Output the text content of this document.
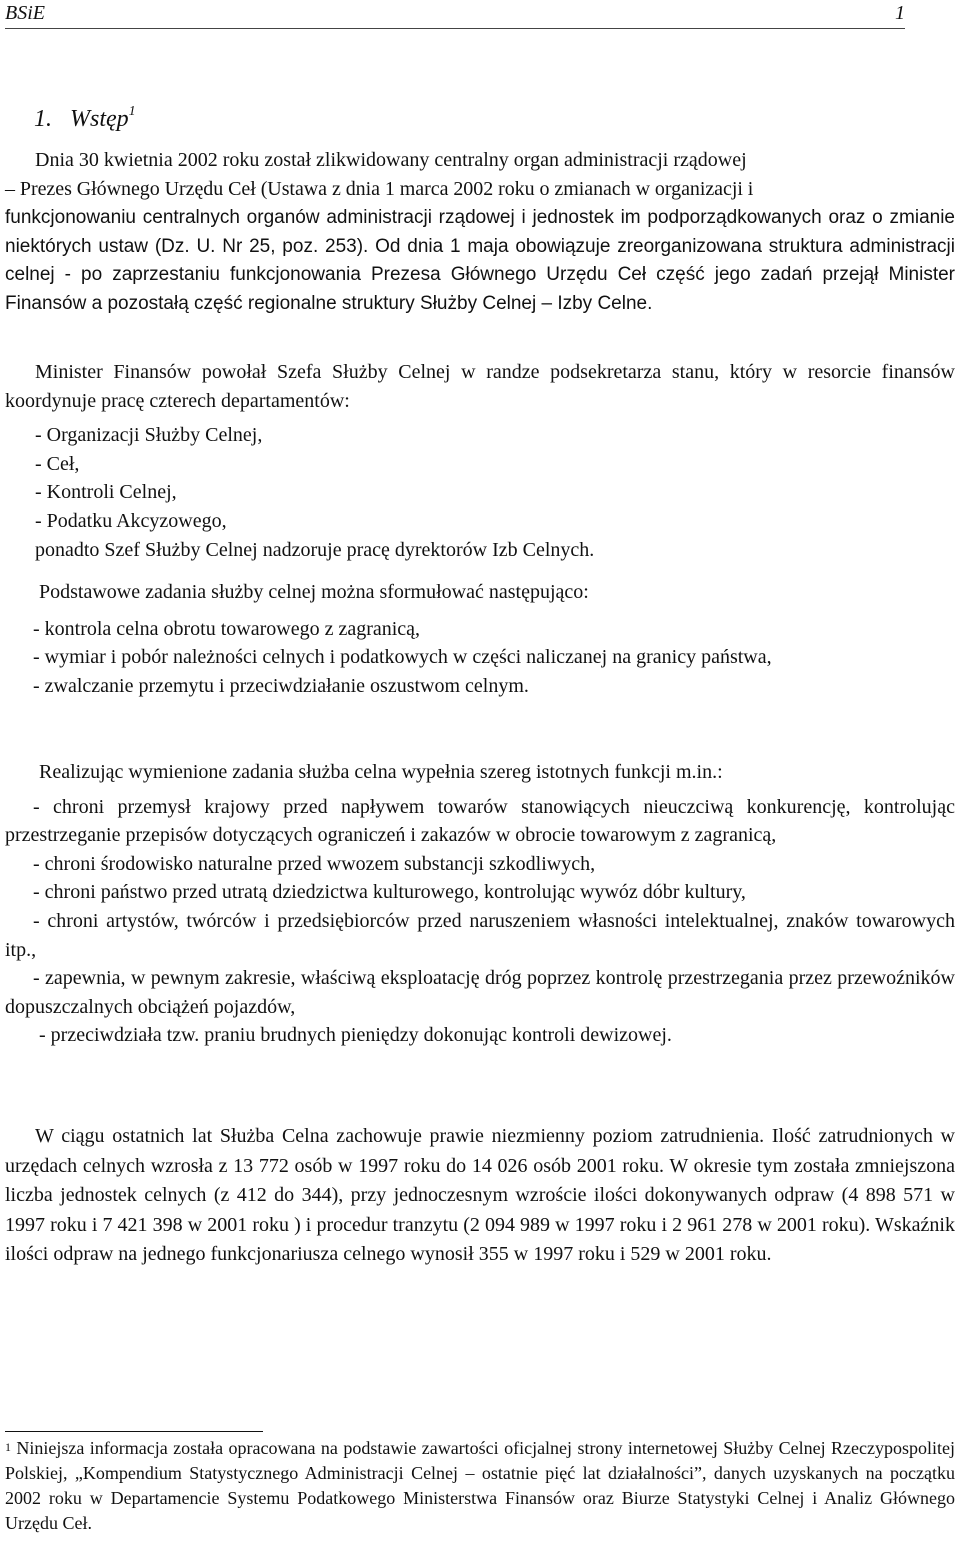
BSiE	1
1. Wstęp$^1$
Dnia 30 kwietnia 2002 roku został zlikwidowany centralny organ administracji rządowej
– Prezes Głównego Urzędu Ceł (Ustawa z dnia 1 marca 2002 roku o zmianach w organizacji i

funkcjonowaniu centralnych organów administracji rządowej i jednostek im podporządkowanych oraz o zmianie niektórych ustaw (Dz. U. Nr 25, poz. 253). Od dnia 1 maja obowiązuje zreorganizowana struktura administracji celnej - po zaprzestaniu funkcjonowania Prezesa Głównego Urzędu Ceł część jego zadań przejął Minister Finansów a pozostałą część regionalne struktury Służby Celnej – Izby Celne.

Minister Finansów powołał Szefa Służby Celnej w randze podsekretarza stanu, który w resorcie finansów koordynuje pracę czterech departamentów:

- Organizacji Służby Celnej,
- Ceł,
- Kontroli Celnej,
- Podatku Akcyzowego,
ponadto Szef Służby Celnej nadzoruje pracę dyrektorów Izb Celnych.
Podstawowe zadania służby celnej można sformułować następująco:
- kontrola celna obrotu towarowego z zagranicą,
- wymiar i pobór należności celnych i podatkowych w części naliczanej na granicy państwa,
- zwalczanie przemytu i przeciwdziałanie oszustwom celnym.
Realizując wymienione zadania służba celna wypełnia szereg istotnych funkcji m.in.:
- chroni przemysł krajowy przed napływem towarów stanowiących nieuczciwą konkurencję, kontrolując przestrzeganie przepisów dotyczących ograniczeń i zakazów w obrocie towarowym z zagranicą,
- chroni środowisko naturalne przed wwozem substancji szkodliwych,
- chroni państwo przed utratą dziedzictwa kulturowego, kontrolując wywóz dóbr kultury,
- chroni artystów, twórców i przedsiębiorców przed naruszeniem własności intelektualnej, znaków towarowych itp.,
- zapewnia, w pewnym zakresie, właściwą eksploatację dróg poprzez kontrolę przestrzegania przez przewoźników dopuszczalnych obciążeń pojazdów,
- przeciwdziała tzw. praniu brudnych pieniędzy dokonując kontroli dewizowej.

W ciągu ostatnich lat Służba Celna zachowuje prawie niezmienny poziom zatrudnienia. Ilość zatrudnionych w urzędach celnych wzrosła z 13 772 osób w 1997 roku do 14 026 osób 2001 roku. W okresie tym została zmniejszona liczba jednostek celnych (z 412 do 344), przy jednoczesnym wzroście ilości dokonywanych odpraw (4 898 571 w 1997 roku i 7 421 398 w 2001 roku ) i procedur tranzytu (2 094 989 w 1997 roku i 2 961 278 w 2001 roku). Wskaźnik ilości odpraw na jednego funkcjonariusza celnego wynosił 355 w 1997 roku i 529 w 2001 roku.

$^1$ Niniejsza informacja została opracowana na podstawie zawartości oficjalnej strony internetowej Służby Celnej Rzeczypospolitej Polskiej, „Kompendium Statystycznego Administracji Celnej – ostatnie pięć lat działalności”, danych uzyskanych na początku 2002 roku w Departamencie Systemu Podatkowego Ministerstwa Finansów oraz Biurze Statystyki Celnej i Analiz Głównego Urzędu Ceł.
